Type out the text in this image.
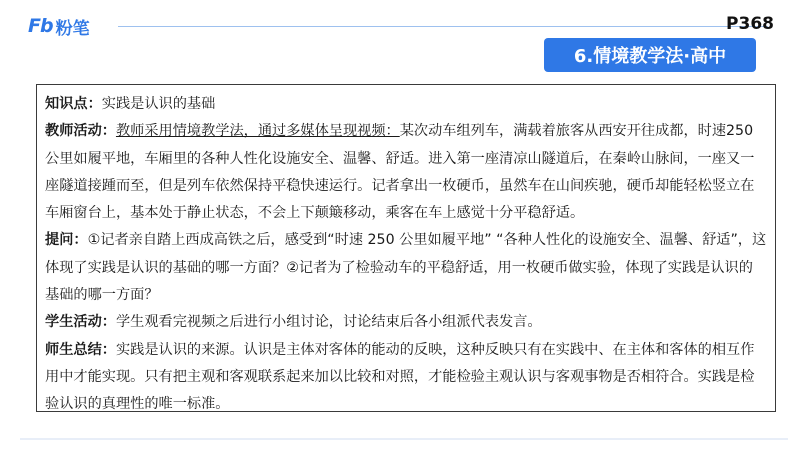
Fb 粉笔	P368
6.情境教学法·高中

知识点：实践是认识的基础

教师活动：教师采用情境教学法，通过多媒体呈现视频：某次动车组列车，满载着旅客从西安开往成都，时速250 公里如履平地，车厢里的各种人性化设施安全、温馨、舒适。进入第一座清凉山隧道后，在秦岭山脉间，一座又一座隧道接踵而至，但是列车依然保持平稳快速运行。记者拿出一枚硬币，虽然车在山间疾驰，硬币却能轻松竖立在车厢窗台上，基本处于静止状态，不会上下颠簸移动，乘客在车上感觉十分平稳舒适。

提问：①记者亲自踏上西成高铁之后，感受到“时速 250 公里如履平地” “各种人性化的设施安全、温馨、舒适”，这体现了实践是认识的基础的哪一方面？②记者为了检验动车的平稳舒适，用一枚硬币做实验，体现了实践是认识的基础的哪一方面？

学生活动：学生观看完视频之后进行小组讨论，讨论结束后各小组派代表发言。

师生总结：实践是认识的来源。认识是主体对客体的能动的反映，这种反映只有在实践中、在主体和客体的相互作用中才能实现。只有把主观和客观联系起来加以比较和对照，才能检验主观认识与客观事物是否相符合。实践是检验认识的真理性的唯一标准。
